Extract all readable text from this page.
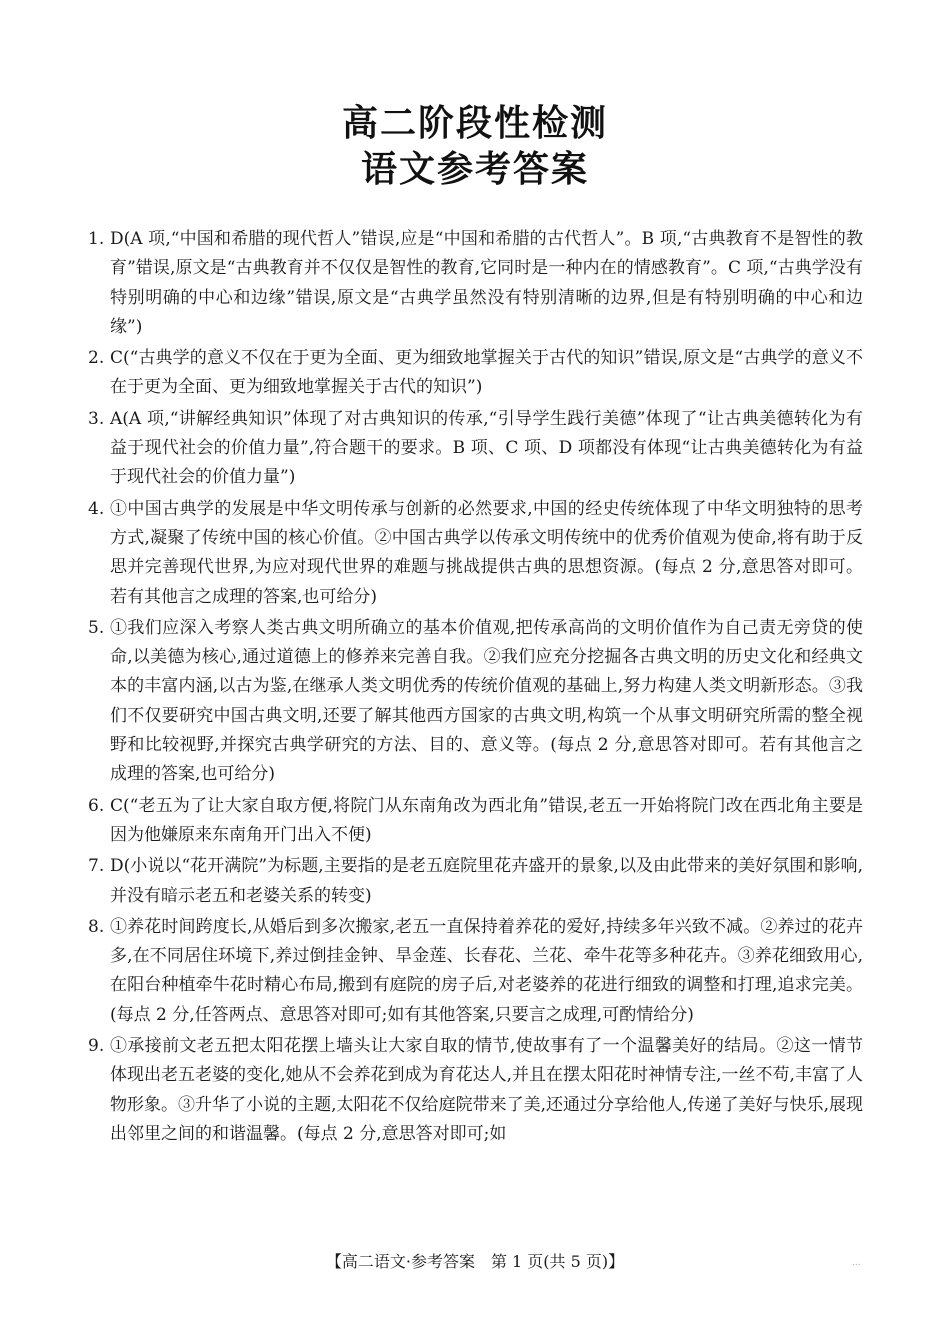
高二阶段性检测
语文参考答案
1. D(A 项,“中国和希腊的现代哲人”错误,应是“中国和希腊的古代哲人”。B 项,“古典教育不是智性的教育”错误,原文是“古典教育并不仅仅是智性的教育,它同时是一种内在的情感教育”。C 项,“古典学没有特别明确的中心和边缘”错误,原文是“古典学虽然没有特别清晰的边界,但是有特别明确的中心和边缘”)
2. C(“古典学的意义不仅在于更为全面、更为细致地掌握关于古代的知识”错误,原文是“古典学的意义不在于更为全面、更为细致地掌握关于古代的知识”)
3. A(A 项,“讲解经典知识”体现了对古典知识的传承,“引导学生践行美德”体现了“让古典美德转化为有益于现代社会的价值力量”,符合题干的要求。B 项、C 项、D 项都没有体现“让古典美德转化为有益于现代社会的价值力量”)
4. ①中国古典学的发展是中华文明传承与创新的必然要求,中国的经史传统体现了中华文明独特的思考方式,凝聚了传统中国的核心价值。②中国古典学以传承文明传统中的优秀价值观为使命,将有助于反思并完善现代世界,为应对现代世界的难题与挑战提供古典的思想资源。(每点 2 分,意思答对即可。若有其他言之成理的答案,也可给分)
5. ①我们应深入考察人类古典文明所确立的基本价值观,把传承高尚的文明价值作为自己责无旁贷的使命,以美德为核心,通过道德上的修养来完善自我。②我们应充分挖掘各古典文明的历史文化和经典文本的丰富内涵,以古为鉴,在继承人类文明优秀的传统价值观的基础上,努力构建人类文明新形态。③我们不仅要研究中国古典文明,还要了解其他西方国家的古典文明,构筑一个从事文明研究所需的整全视野和比较视野,并探究古典学研究的方法、目的、意义等。(每点 2 分,意思答对即可。若有其他言之成理的答案,也可给分)
6. C(“老五为了让大家自取方便,将院门从东南角改为西北角”错误,老五一开始将院门改在西北角主要是因为他嫌原来东南角开门出入不便)
7. D(小说以“花开满院”为标题,主要指的是老五庭院里花卉盛开的景象,以及由此带来的美好氛围和影响,并没有暗示老五和老婆关系的转变)
8. ①养花时间跨度长,从婚后到多次搬家,老五一直保持着养花的爱好,持续多年兴致不减。②养过的花卉多,在不同居住环境下,养过倒挂金钟、旱金莲、长春花、兰花、牵牛花等多种花卉。③养花细致用心,在阳台种植牵牛花时精心布局,搬到有庭院的房子后,对老婆养的花进行细致的调整和打理,追求完美。(每点 2 分,任答两点、意思答对即可;如有其他答案,只要言之成理,可酌情给分)
9. ①承接前文老五把太阳花摆上墙头让大家自取的情节,使故事有了一个温馨美好的结局。②这一情节体现出老五老婆的变化,她从不会养花到成为育花达人,并且在摆太阳花时神情专注,一丝不苟,丰富了人物形象。③升华了小说的主题,太阳花不仅给庭院带来了美,还通过分享给他人,传递了美好与快乐,展现出邻里之间的和谐温馨。(每点 2 分,意思答对即可;如
【高二语文·参考答案　第 1 页(共 5 页)】	...
